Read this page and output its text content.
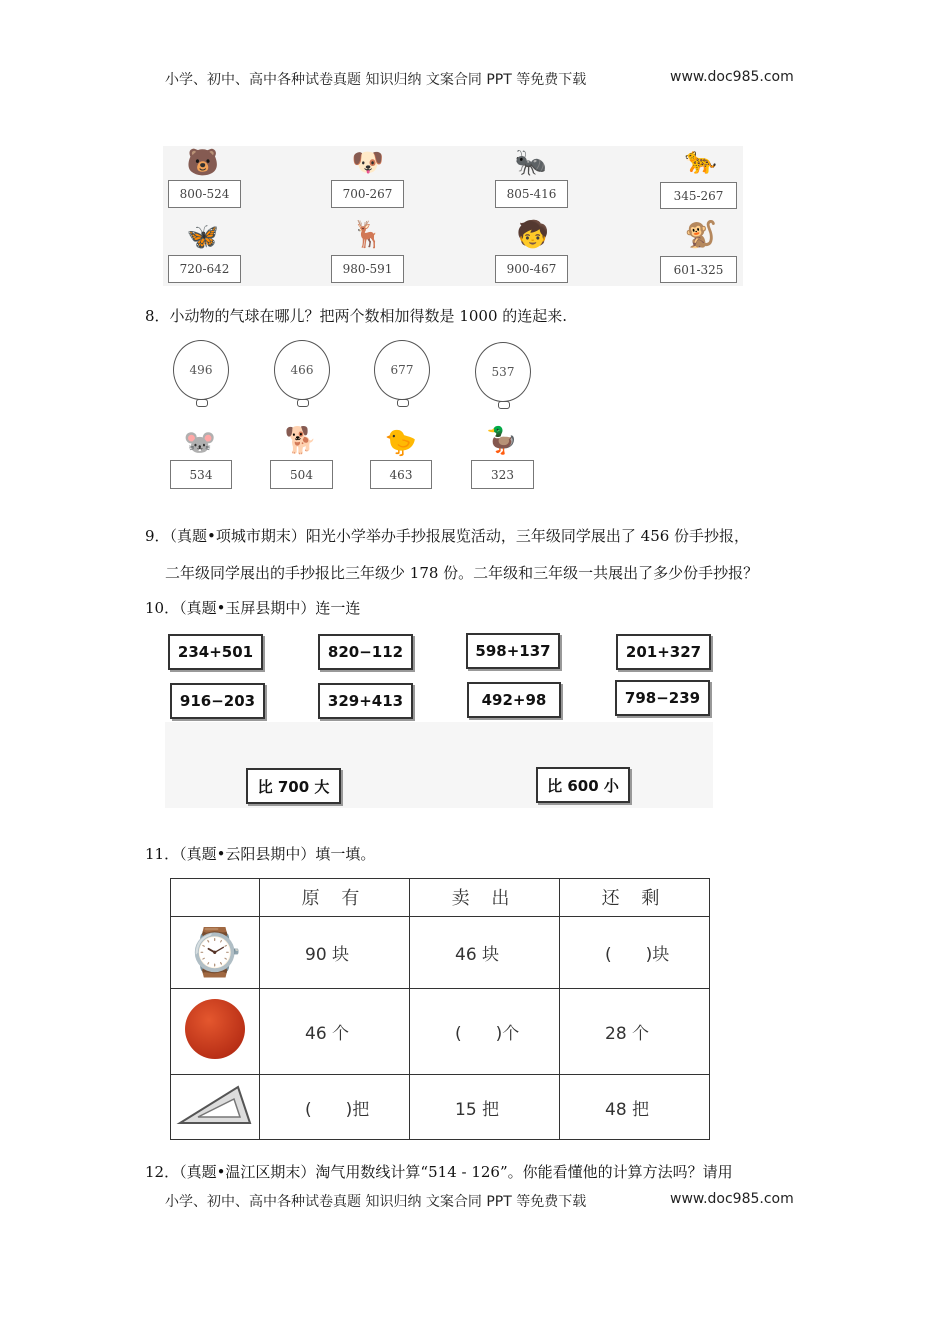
小学、初中、高中各种试卷真题 知识归纳 文案合同 PPT 等免费下载	www.doc985.com
🐻	🐶	🐜	🐆
🦋	🦌	🧒	🐒
800-524	700-267	805-416	345-267
720-642	980-591	900-467	601-325
8．小动物的气球在哪儿？把两个数相加得数是 1000 的连起来.
496	466	677	537
🐭	🐕	🐤	🦆
534	504	463	323
9．（真题•项城市期末）阳光小学举办手抄报展览活动，三年级同学展出了 456 份手抄报，
二年级同学展出的手抄报比三年级少 178 份。二年级和三年级一共展出了多少份手抄报？
10．（真题•玉屏县期中）连一连
234+501	820−112	598+137	201+327
916−203	329+413	492+98	798−239
比 700 大	比 600 小
11．（真题•云阳县期中）填一填。
	原 有	卖 出	还 剩
⌚	90 块	46 块	(　　)块
	46 个	(　　)个	28 个
	(　　)把	15 把	48 把
12．（真题•温江区期末）淘气用数线计算“514 - 126”。你能看懂他的计算方法吗？请用
小学、初中、高中各种试卷真题 知识归纳 文案合同 PPT 等免费下载	www.doc985.com
